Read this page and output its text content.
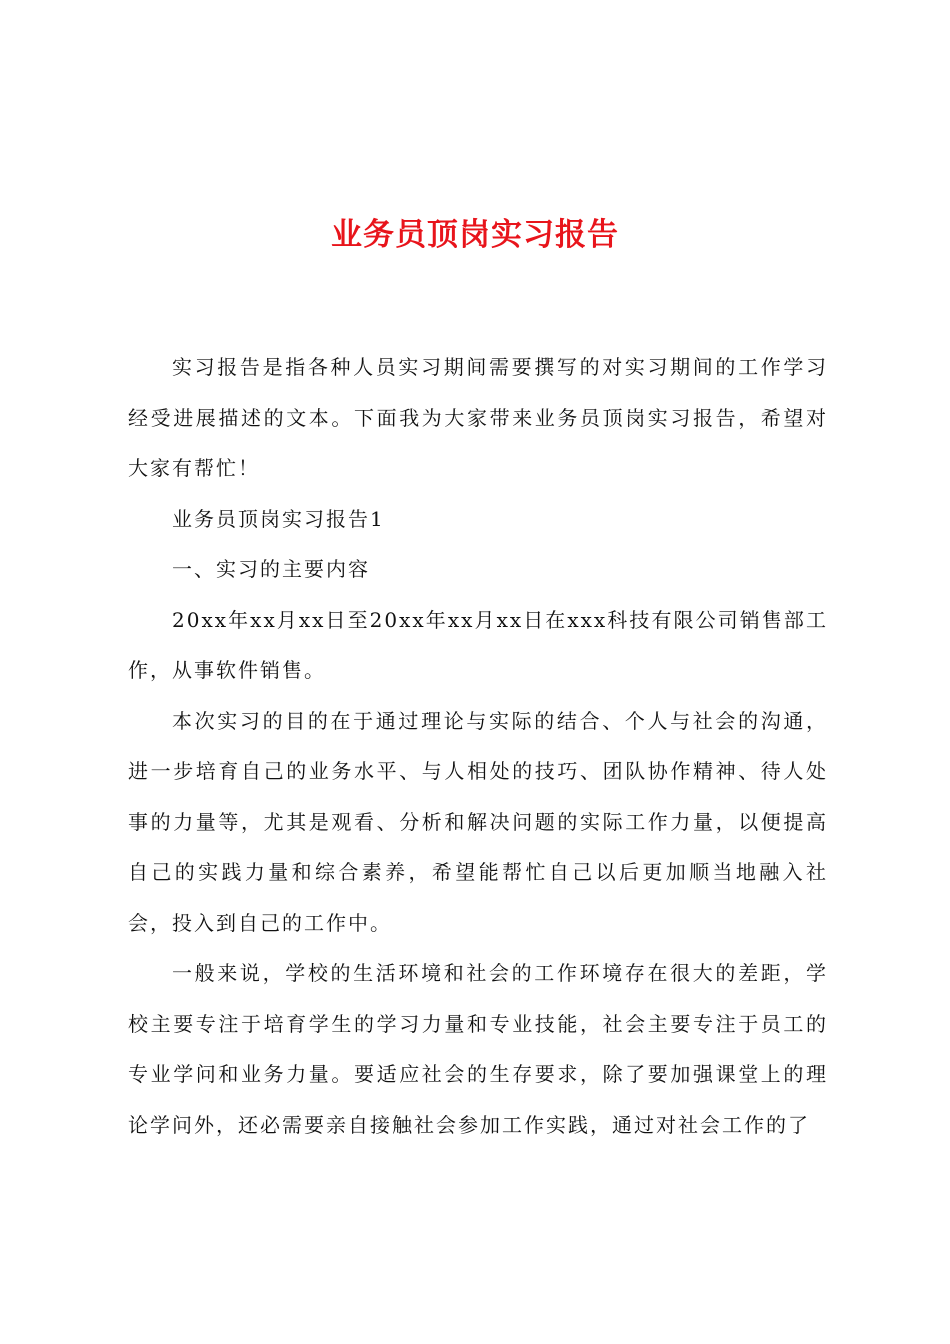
业务员顶岗实习报告

实习报告是指各种人员实习期间需要撰写的对实习期间的工作学习经受进展描述的文本。下面我为大家带来业务员顶岗实习报告，希望对大家有帮忙！

业务员顶岗实习报告1

一、实习的主要内容

20xx年xx月xx日至20xx年xx月xx日在xxx科技有限公司销售部工作，从事软件销售。

本次实习的目的在于通过理论与实际的结合、个人与社会的沟通，进一步培育自己的业务水平、与人相处的技巧、团队协作精神、待人处事的力量等，尤其是观看、分析和解决问题的实际工作力量，以便提高自己的实践力量和综合素养，希望能帮忙自己以后更加顺当地融入社会，投入到自己的工作中。

一般来说，学校的生活环境和社会的工作环境存在很大的差距，学校主要专注于培育学生的学习力量和专业技能，社会主要专注于员工的专业学问和业务力量。要适应社会的生存要求，除了要加强课堂上的理论学问外，还必需要亲自接触社会参加工作实践，通过对社会工作的了
